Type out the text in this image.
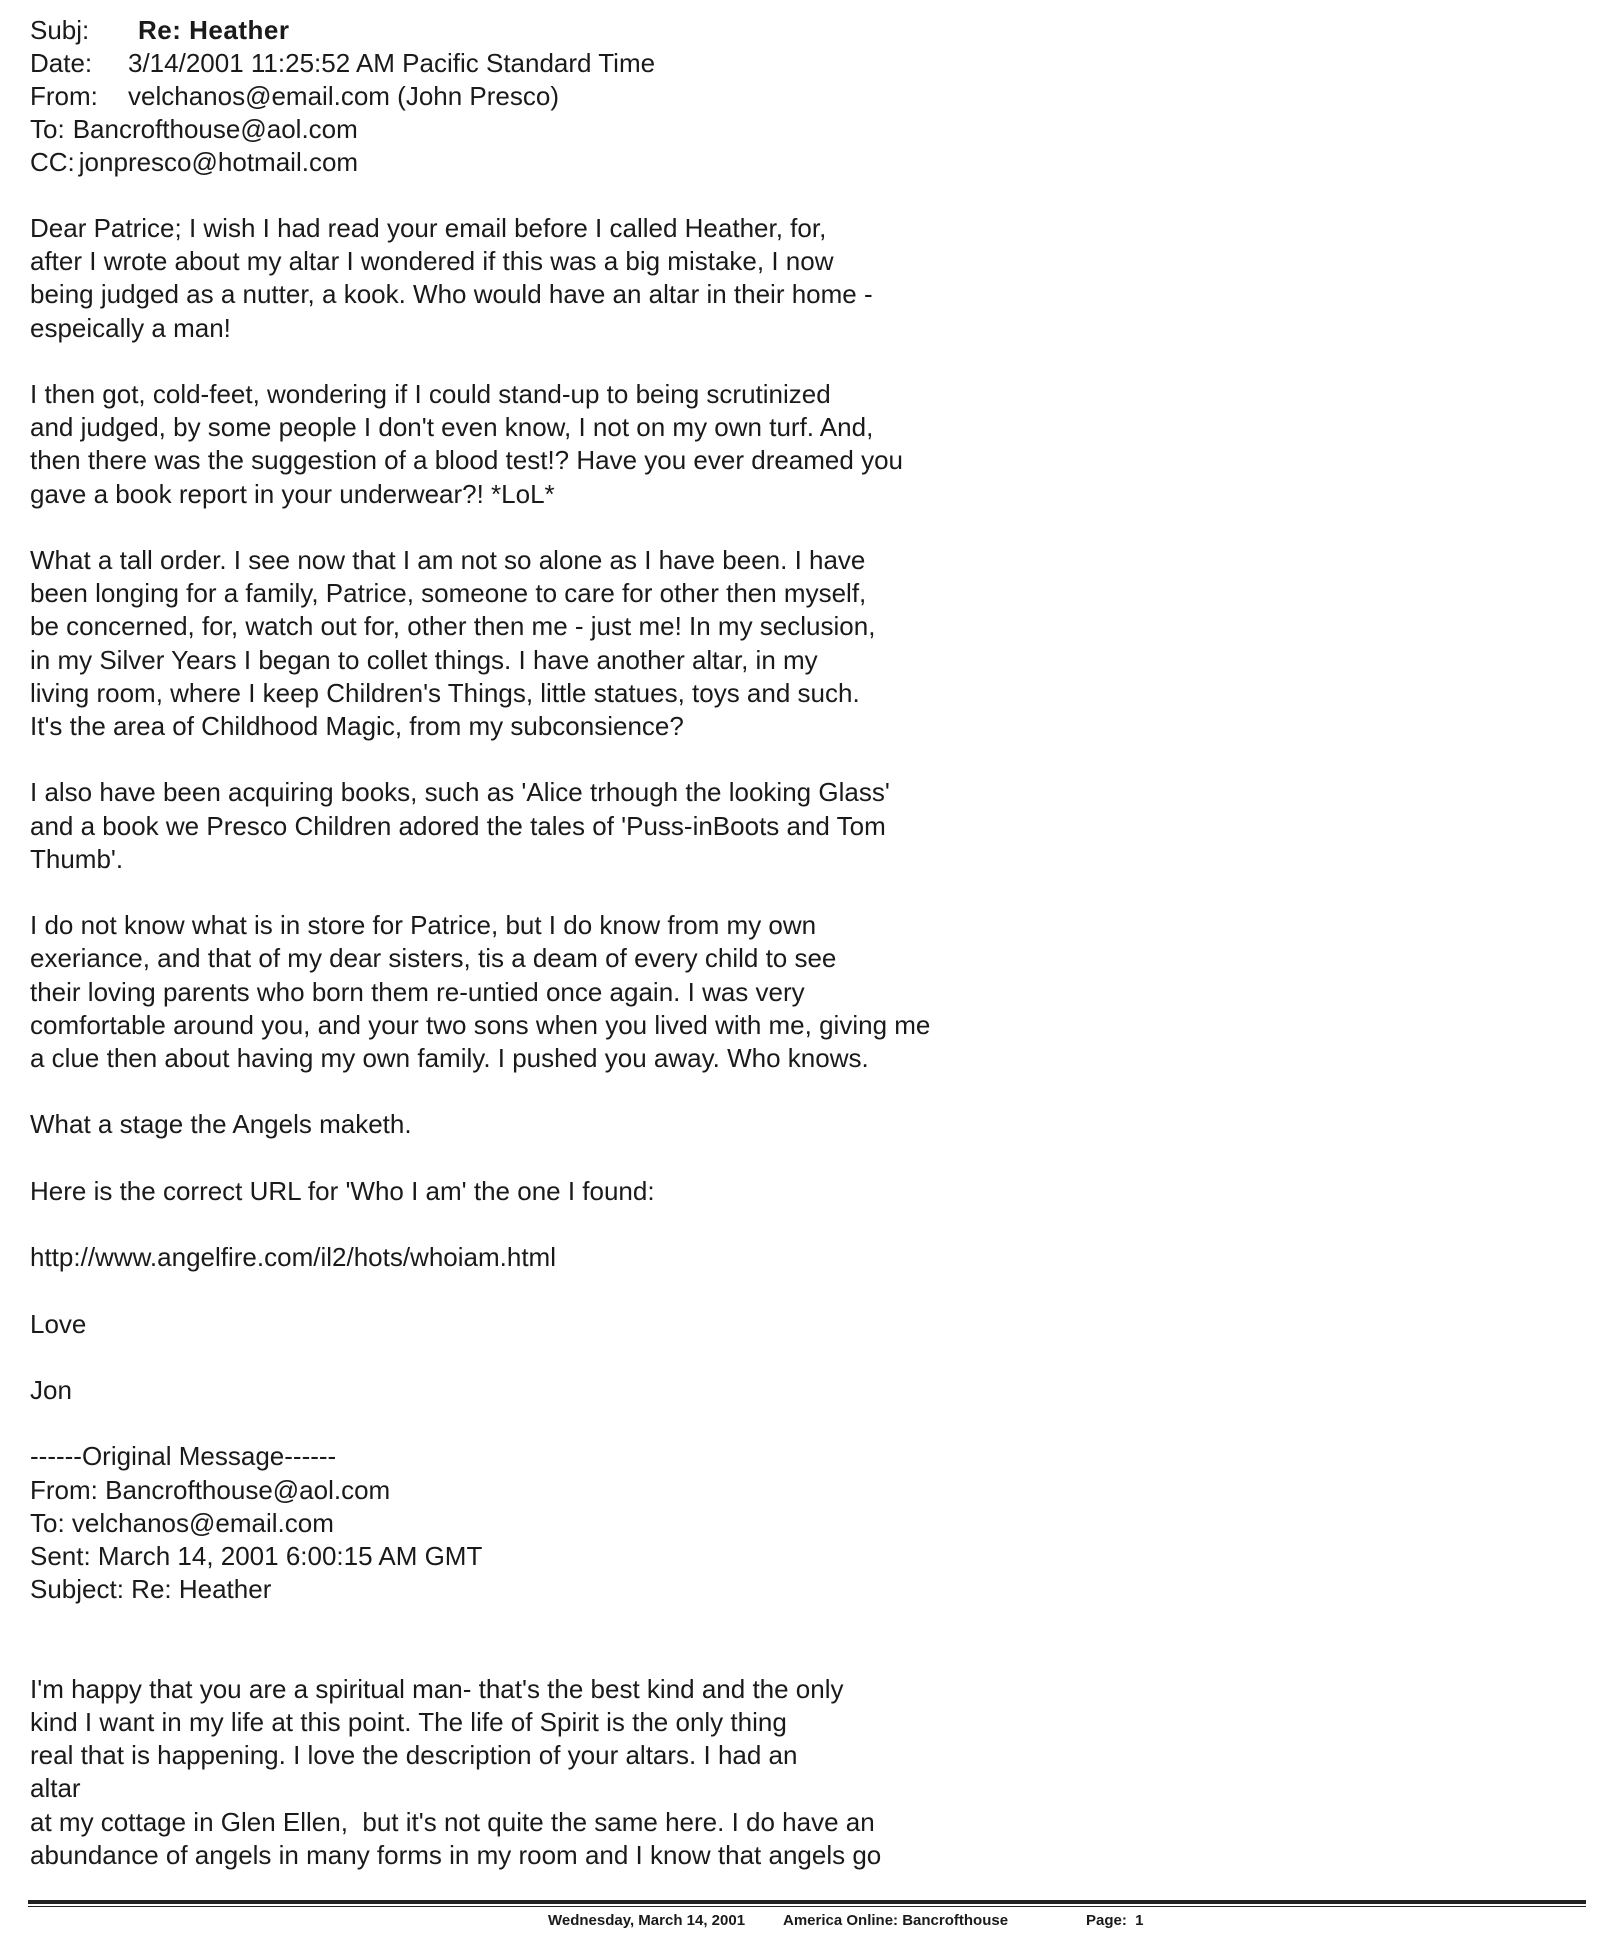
Subj: Re: Heather
Date: 3/14/2001 11:25:52 AM Pacific Standard Time
From: velchanos@email.com (John Presco)
To: Bancrofthouse@aol.com
CC: jonpresco@hotmail.com
Dear Patrice; I wish I had read your email before I called Heather, for,
after I wrote about my altar I wondered if this was a big mistake, I now
being judged as a nutter, a kook. Who would have an altar in their home -
espeically a man!
I then got, cold-feet, wondering if I could stand-up to being scrutinized
and judged, by some people I don't even know, I not on my own turf. And,
then there was the suggestion of a blood test!? Have you ever dreamed you
gave a book report in your underwear?! *LoL*
What a tall order. I see now that I am not so alone as I have been. I have
been longing for a family, Patrice, someone to care for other then myself,
be concerned, for, watch out for, other then me - just me! In my seclusion,
in my Silver Years I began to collet things. I have another altar, in my
living room, where I keep Children's Things, little statues, toys and such.
It's the area of Childhood Magic, from my subconsience?
I also have been acquiring books, such as 'Alice trhough the looking Glass'
and a book we Presco Children adored the tales of 'Puss-inBoots and Tom
Thumb'.
I do not know what is in store for Patrice, but I do know from my own
exeriance, and that of my dear sisters, tis a deam of every child to see
their loving parents who born them re-untied once again. I was very
comfortable around you, and your two sons when you lived with me, giving me
a clue then about having my own family. I pushed you away. Who knows.
What a stage the Angels maketh.
Here is the correct URL for 'Who I am' the one I found:
http://www.angelfire.com/il2/hots/whoiam.html
Love
Jon
------Original Message------
From: Bancrofthouse@aol.com
To: velchanos@email.com
Sent: March 14, 2001 6:00:15 AM GMT
Subject: Re: Heather
I'm happy that you are a spiritual man- that's the best kind and the only
kind I want in my life at this point. The life of Spirit is the only thing
real that is happening. I love the description of your altars. I had an
altar
at my cottage in Glen Ellen,  but it's not quite the same here. I do have an
abundance of angels in many forms in my room and I know that angels go
Wednesday, March 14, 2001	America Online: Bancrofthouse	Page:  1
